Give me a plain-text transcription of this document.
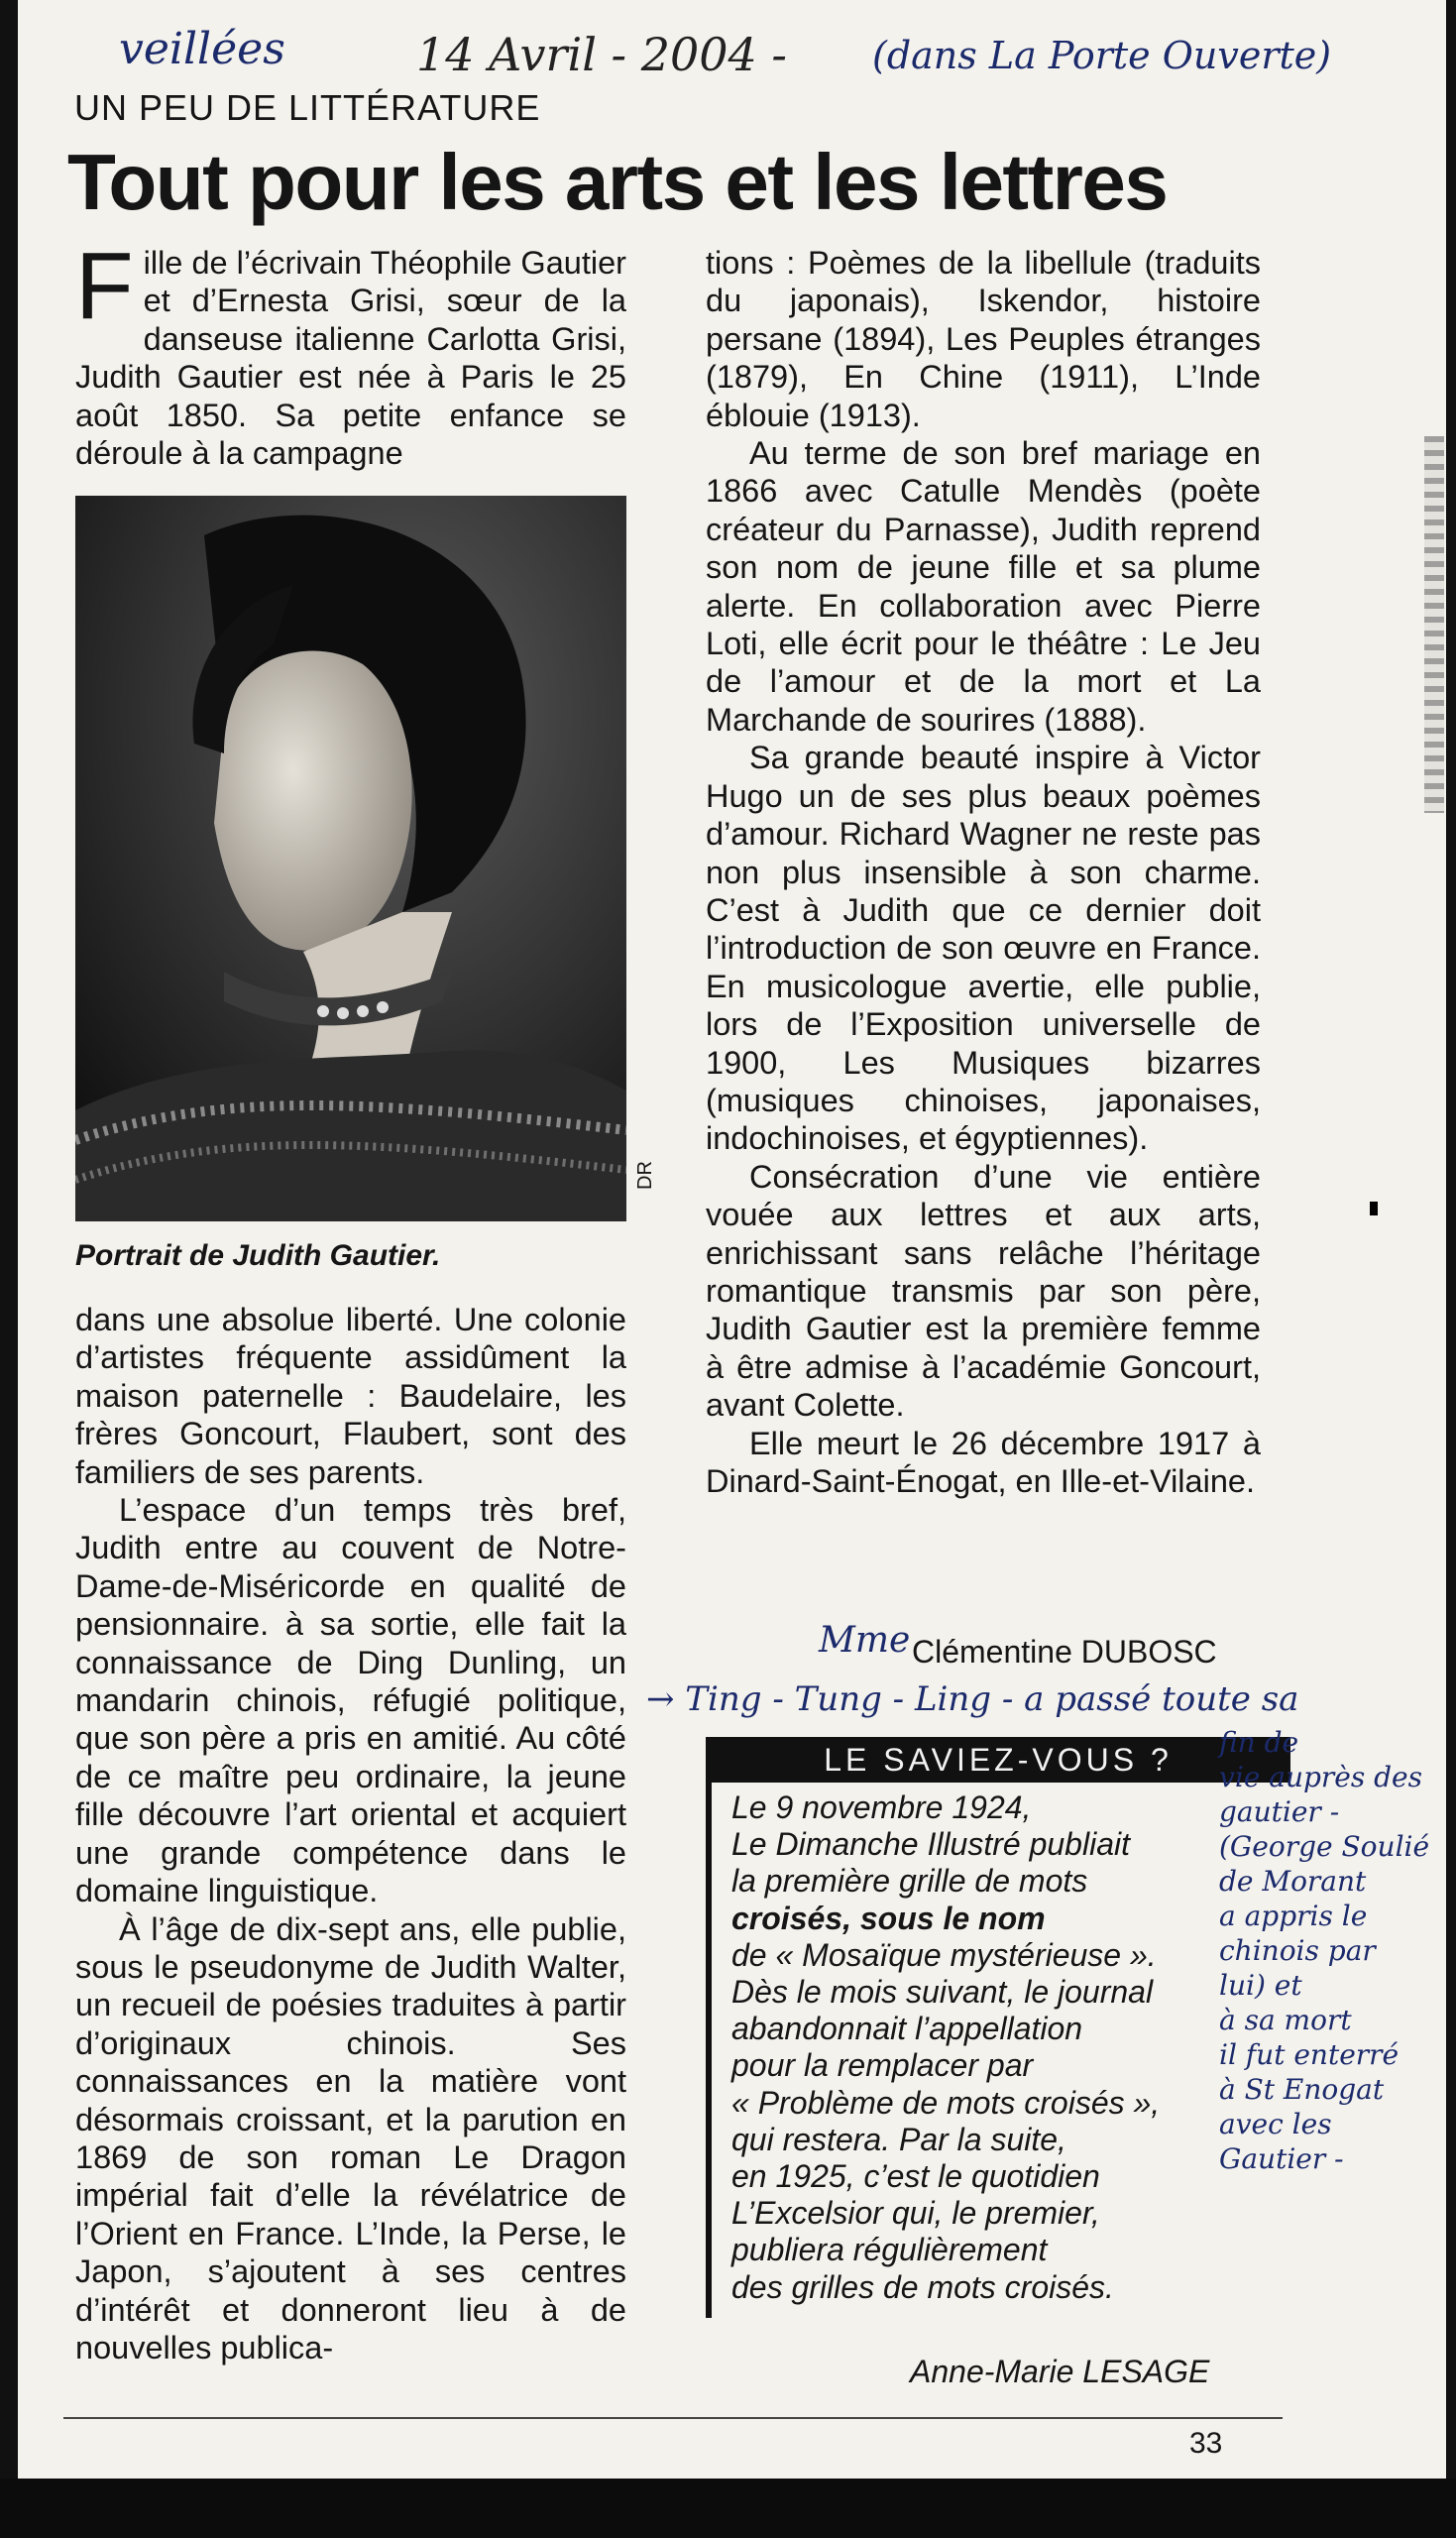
veillées	14 Avril - 2004 - (dans La Porte Ouverte)
UN PEU DE LITTÉRATURE
Tout pour les arts et les lettres

Fille de l’écrivain Théophile Gautier et d’Ernesta Grisi, sœur de la danseuse italienne Carlotta Grisi, Judith Gautier est née à Paris le 25 août 1850. Sa petite enfance se déroule à la campagne

DR
Portrait de Judith Gautier.

dans une absolue liberté. Une colonie d’artistes fréquente assidûment la maison paternelle : Baudelaire, les frères Goncourt, Flaubert, sont des familiers de ses parents.

L’espace d’un temps très bref, Judith entre au couvent de Notre-Dame-de-Miséricorde en qualité de pensionnaire. à sa sortie, elle fait la connaissance de Ding Dunling, un mandarin chinois, réfugié politique, que son père a pris en amitié. Au côté de ce maître peu ordinaire, la jeune fille découvre l’art oriental et acquiert une grande compétence dans le domaine linguistique.

À l’âge de dix-sept ans, elle publie, sous le pseudonyme de Judith Walter, un recueil de poésies traduites à partir d’originaux chinois. Ses connaissances en la matière vont désormais croissant, et la parution en 1869 de son roman Le Dragon impérial fait d’elle la révélatrice de l’Orient en France. L’Inde, la Perse, le Japon, s’ajoutent à ses centres d’intérêt et donneront lieu à de nouvelles publica-

tions : Poèmes de la libellule (traduits du japonais), Iskendor, histoire persane (1894), Les Peuples étranges (1879), En Chine (1911), L’Inde éblouie (1913).

Au terme de son bref mariage en 1866 avec Catulle Mendès (poète créateur du Parnasse), Judith reprend son nom de jeune fille et sa plume alerte. En collaboration avec Pierre Loti, elle écrit pour le théâtre : Le Jeu de l’amour et de la mort et La Marchande de sourires (1888).

Sa grande beauté inspire à Victor Hugo un de ses plus beaux poèmes d’amour. Richard Wagner ne reste pas non plus insensible à son charme. C’est à Judith que ce dernier doit l’introduction de son œuvre en France. En musicologue avertie, elle publie, lors de l’Exposition universelle de 1900, Les Musiques bizarres (musiques chinoises, japonaises, indochinoises, et égyptiennes).

Consécration d’une vie entière vouée aux lettres et aux arts, enrichissant sans relâche l’héritage romantique transmis par son père, Judith Gautier est la première femme à être admise à l’académie Goncourt, avant Colette.

Elle meurt le 26 décembre 1917 à Dinard-Saint-Énogat, en Ille-et-Vilaine.

Mme Clémentine DUBOSC
→ Ting - Tung - Ling - a passé toute sa
LE SAVIEZ-VOUS ?

Le 9 novembre 1924,

Le Dimanche Illustré publiait

la première grille de mots

croisés, sous le nom

de « Mosaïque mystérieuse ».

Dès le mois suivant, le journal

abandonnait l’appellation

pour la remplacer par

« Problème de mots croisés »,

qui restera. Par la suite,

en 1925, c’est le quotidien

L’Excelsior qui, le premier,

publiera régulièrement

des grilles de mots croisés.

Anne-Marie LESAGE
fin de
vie auprès des
gautier -
(George Soulié
de Morant
a appris le
chinois par
lui) et
à sa mort
il fut enterré
à St Enogat
avec les
Gautier -
33
